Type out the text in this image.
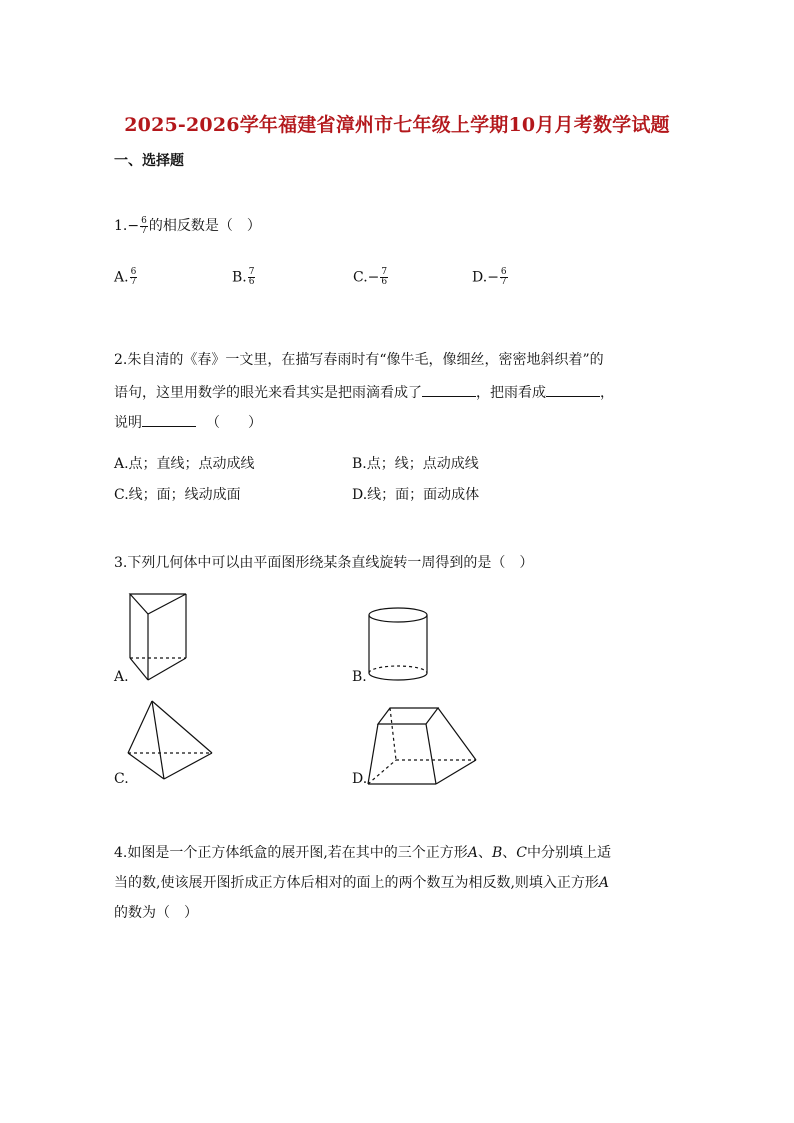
2025-2026学年福建省漳州市七年级上学期10月月考数学试题
一、选择题
$1.- \frac{6}{7}$ 的相反数是（　）
A. $\frac{6}{7}$	B. $\frac{7}{6}$	$C.- \frac{7}{6}$	$D.- \frac{6}{7}$
2.朱自清的《春》一文里，在描写春雨时有“像牛毛，像细丝，密密地斜织着”的
语句，这里用数学的眼光来看其实是把雨滴看成了	，把雨看成	，
说明	（　　）
A.点；直线；点动成线	B.点；线；点动成线
C.线；面；线动成面	D.线；面；面动成体
3.下列几何体中可以由平面图形绕某条直线旋转一周得到的是（　）
A.	B.
C.	D.
4.如图是一个正方体纸盒的展开图,若在其中的三个正方形A、B、C中分别填上适
当的数,使该展开图折成正方体后相对的面上的两个数互为相反数,则填入正方形A
的数为（　）
